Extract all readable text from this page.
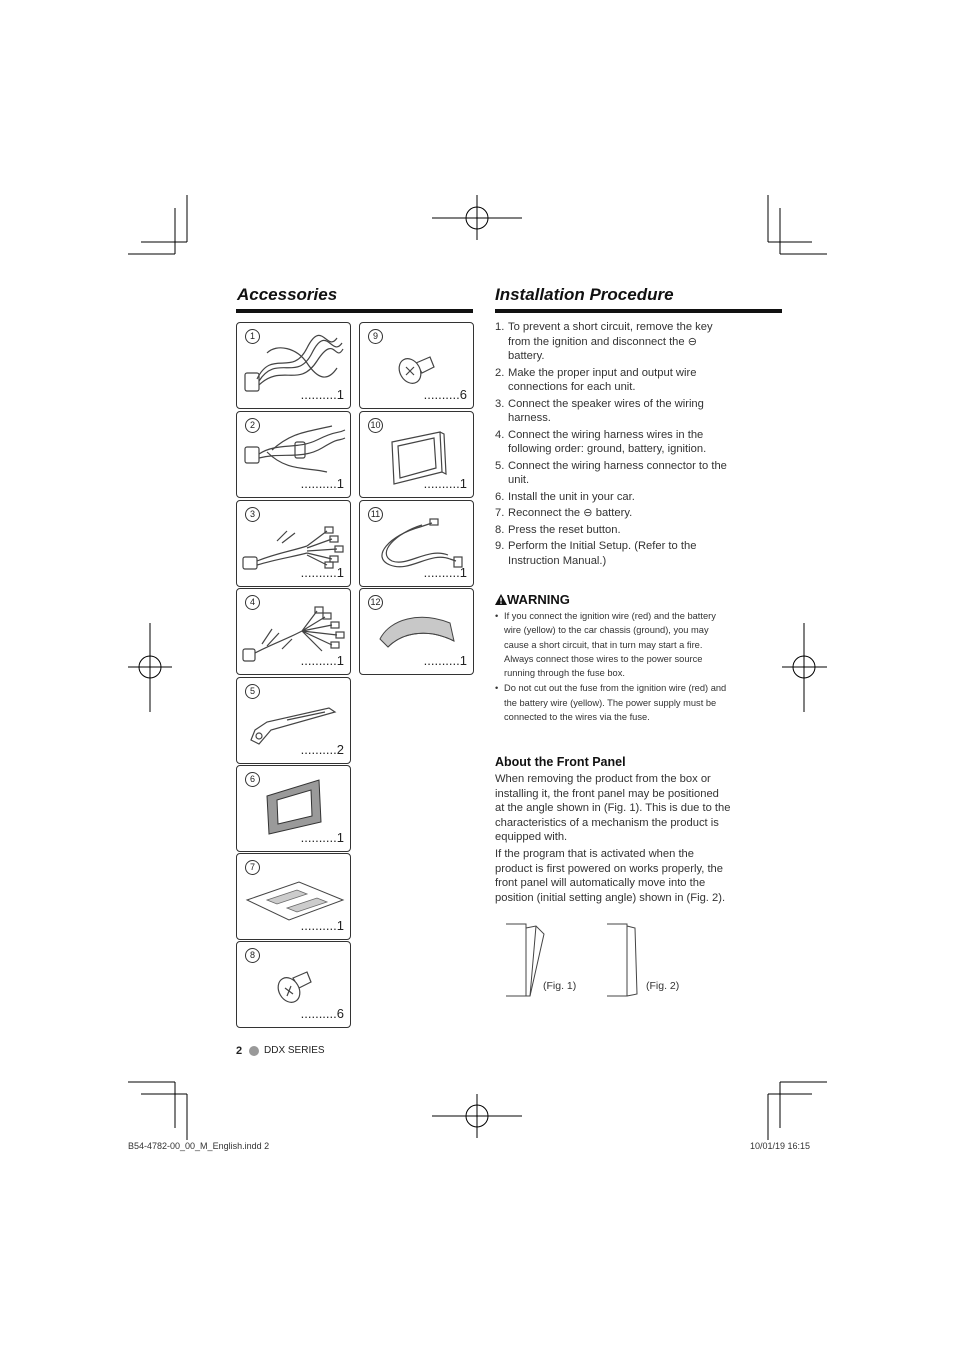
Accessories	Installation Procedure
1
..........1
2
..........1
3
..........1
4
..........1
5
..........2
6
..........1
7
..........1
8
..........6
9
..........6
10
..........1
11
..........1
12
..........1
1. To prevent a short circuit, remove the key from the ignition and disconnect the ⊖ battery.
2. Make the proper input and output wire connections for each unit.
3. Connect the speaker wires of the wiring harness.
4. Connect the wiring harness wires in the following order: ground, battery, ignition.
5. Connect the wiring harness connector to the unit.
6. Install the unit in your car.
7. Reconnect the ⊖ battery.
8. Press the reset button.
9. Perform the Initial Setup. (Refer to the Instruction Manual.)
WARNING
• If you connect the ignition wire (red) and the battery wire (yellow) to the car chassis (ground), you may cause a short circuit, that in turn may start a fire. Always connect those wires to the power source running through the fuse box.
• Do not cut out the fuse from the ignition wire (red) and the battery wire (yellow). The power supply must be connected to the wires via the fuse.
About the Front Panel

When removing the product from the box or installing it, the front panel may be positioned at the angle shown in (Fig. 1). This is due to the characteristics of a mechanism the product is equipped with.

If the program that is activated when the product is first powered on works properly, the front panel will automatically move into the position (initial setting angle) shown in (Fig. 2).

(Fig. 1)	(Fig. 2)
2 DDX SERIES
B54-4782-00_00_M_English.indd 2	10/01/19 16:15
